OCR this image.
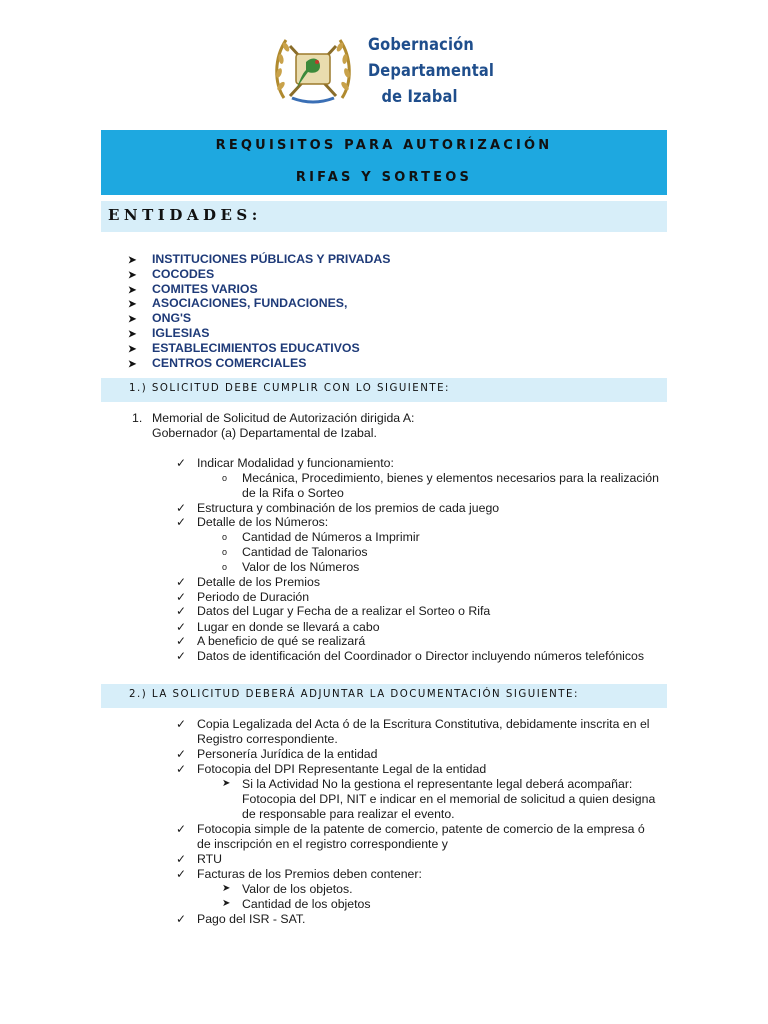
Gobernación
Departamental
de Izabal
REQUISITOS PARA AUTORIZACIÓN
RIFAS Y SORTEOS
ENTIDADES:
➤ INSTITUCIONES PÚBLICAS Y PRIVADAS
➤ COCODES
➤ COMITES VARIOS
➤ ASOCIACIONES, FUNDACIONES,
➤ ONG'S
➤ IGLESIAS
➤ ESTABLECIMIENTOS EDUCATIVOS
➤ CENTROS COMERCIALES
1.) SOLICITUD DEBE CUMPLIR CON LO SIGUIENTE:
1. Memorial de Solicitud de Autorización dirigida A:
Gobernador (a) Departamental de Izabal.
✓ Indicar Modalidad y funcionamiento:
o Mecánica, Procedimiento, bienes y elementos necesarios para la realización
de la Rifa o Sorteo
✓ Estructura y combinación de los premios de cada juego
✓ Detalle de los Números:
o Cantidad de Números a Imprimir
o Cantidad de Talonarios
o Valor de los Números
✓ Detalle de los Premios
✓ Periodo de Duración
✓ Datos del Lugar y Fecha de a realizar el Sorteo o Rifa
✓ Lugar en donde se llevará a cabo
✓ A beneficio de qué se realizará
✓ Datos de identificación del Coordinador o Director incluyendo números telefónicos
2.) LA SOLICITUD DEBERÁ ADJUNTAR LA DOCUMENTACIÓN SIGUIENTE:
✓ Copia Legalizada del Acta ó de la Escritura Constitutiva, debidamente inscrita en el
Registro correspondiente.
✓ Personería Jurídica de la entidad
✓ Fotocopia del DPI Representante Legal de la entidad
➤ Si la Actividad No la gestiona el representante legal deberá acompañar:
Fotocopia del DPI, NIT e indicar en el memorial de solicitud a quien designa
de responsable para realizar el evento.
✓ Fotocopia simple de la patente de comercio, patente de comercio de la empresa ó
de inscripción en el registro correspondiente y
✓ RTU
✓ Facturas de los Premios deben contener:
➤ Valor de los objetos.
➤ Cantidad de los objetos
✓ Pago del ISR - SAT.
